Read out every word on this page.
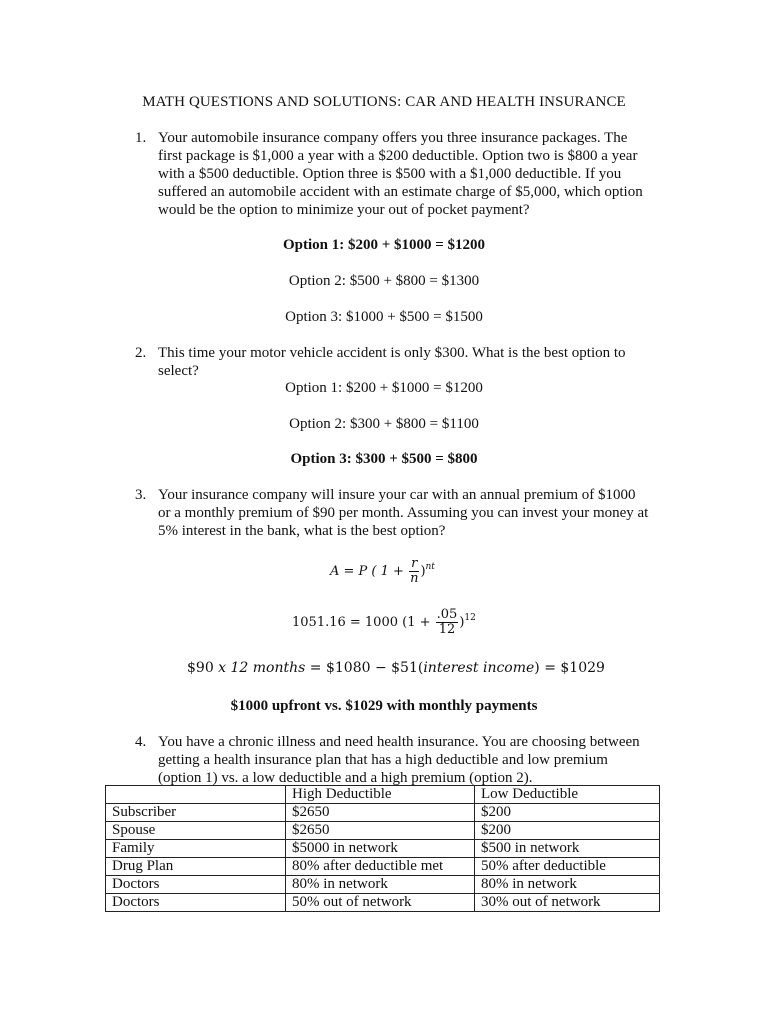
MATH QUESTIONS AND SOLUTIONS: CAR AND HEALTH INSURANCE
1. Your automobile insurance company offers you three insurance packages. The
first package is $1,000 a year with a $200 deductible. Option two is $800 a year
with a $500 deductible. Option three is $500 with a $1,000 deductible. If you
suffered an automobile accident with an estimate charge of $5,000, which option
would be the option to minimize your out of pocket payment?
Option 1: $200 + $1000 = $1200
Option 2: $500 + $800 = $1300
Option 3: $1000 + $500 = $1500
2. This time your motor vehicle accident is only $300. What is the best option to
select?
Option 1: $200 + $1000 = $1200
Option 2: $300 + $800 = $1100
Option 3: $300 + $500 = $800
3. Your insurance company will insure your car with an annual premium of $1000
or a monthly premium of $90 per month. Assuming you can invest your money at
5% interest in the bank, what is the best option?
A = P ( $1 + \frac{r}{n} )^{nt}$
1051.16 = 1000 $(1 + \frac{.05}{12} )^{12}$
$90 x 12 months = $1080 − $51(interest income) = $1029
$1000 upfront vs. $1029 with monthly payments
4. You have a chronic illness and need health insurance. You are choosing between
getting a health insurance plan that has a high deductible and low premium
(option 1) vs. a low deductible and a high premium (option 2).
	High Deductible	Low Deductible
Subscriber	$2650	$200
Spouse	$2650	$200
Family	$5000 in network	$500 in network
Drug Plan	80% after deductible met	50% after deductible
Doctors	80% in network	80% in network
Doctors	50% out of network	30% out of network
